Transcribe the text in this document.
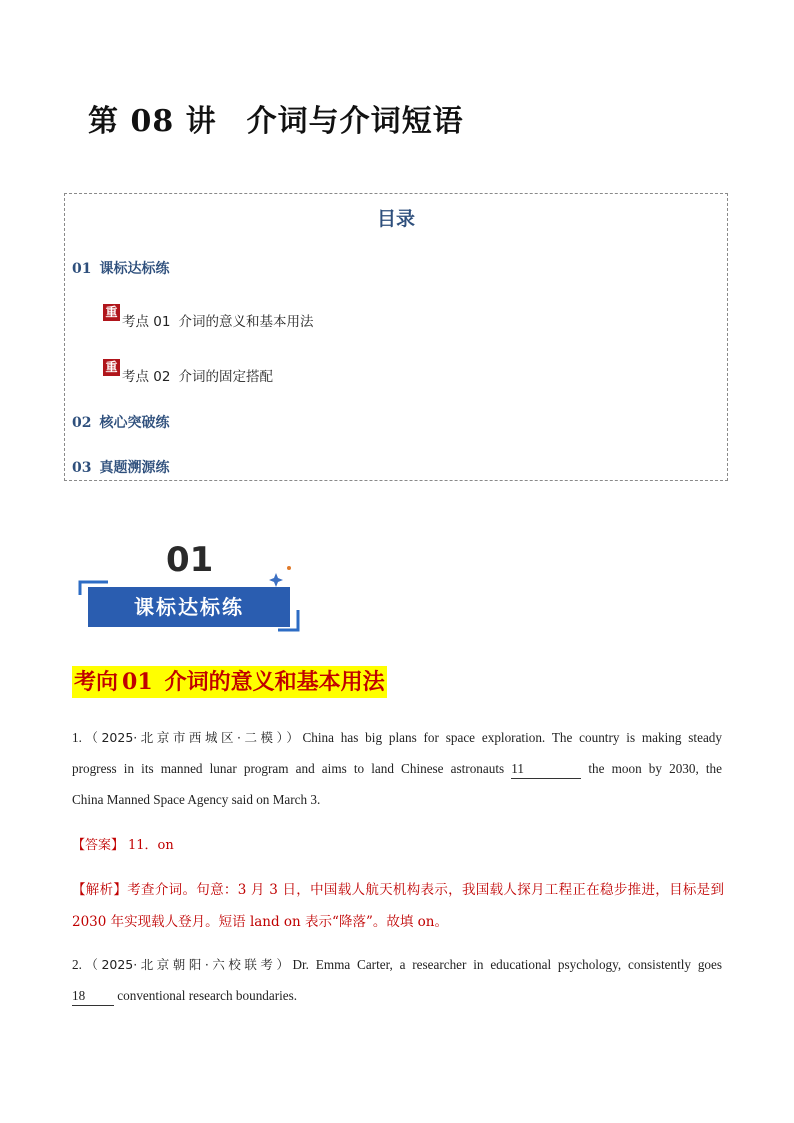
第 08 讲 介词与介词短语
目录
01 课标达标练
重
考点 01 介词的意义和基本用法
重
考点 02 介词的固定搭配
02 核心突破练
03 真题溯源练
01
课标达标练
考向 01 介词的意义和基本用法
1.（2025·北京市西城区·二模））China has big plans for space exploration. The country is making steady
progress in its manned lunar program and aims to land Chinese astronauts 11	the moon by 2030, the
China Manned Space Agency said on March 3.
【答案】 11．on
【解析】考查介词。句意：3 月 3 日，中国载人航天机构表示，我国载人探月工程正在稳步推进，目标是到
2030 年实现载人登月。短语 land on 表示“降落”。故填 on。
2.（2025·北京朝阳·六校联考）Dr. Emma Carter, a researcher in educational psychology, consistently goes
18 conventional research boundaries.
